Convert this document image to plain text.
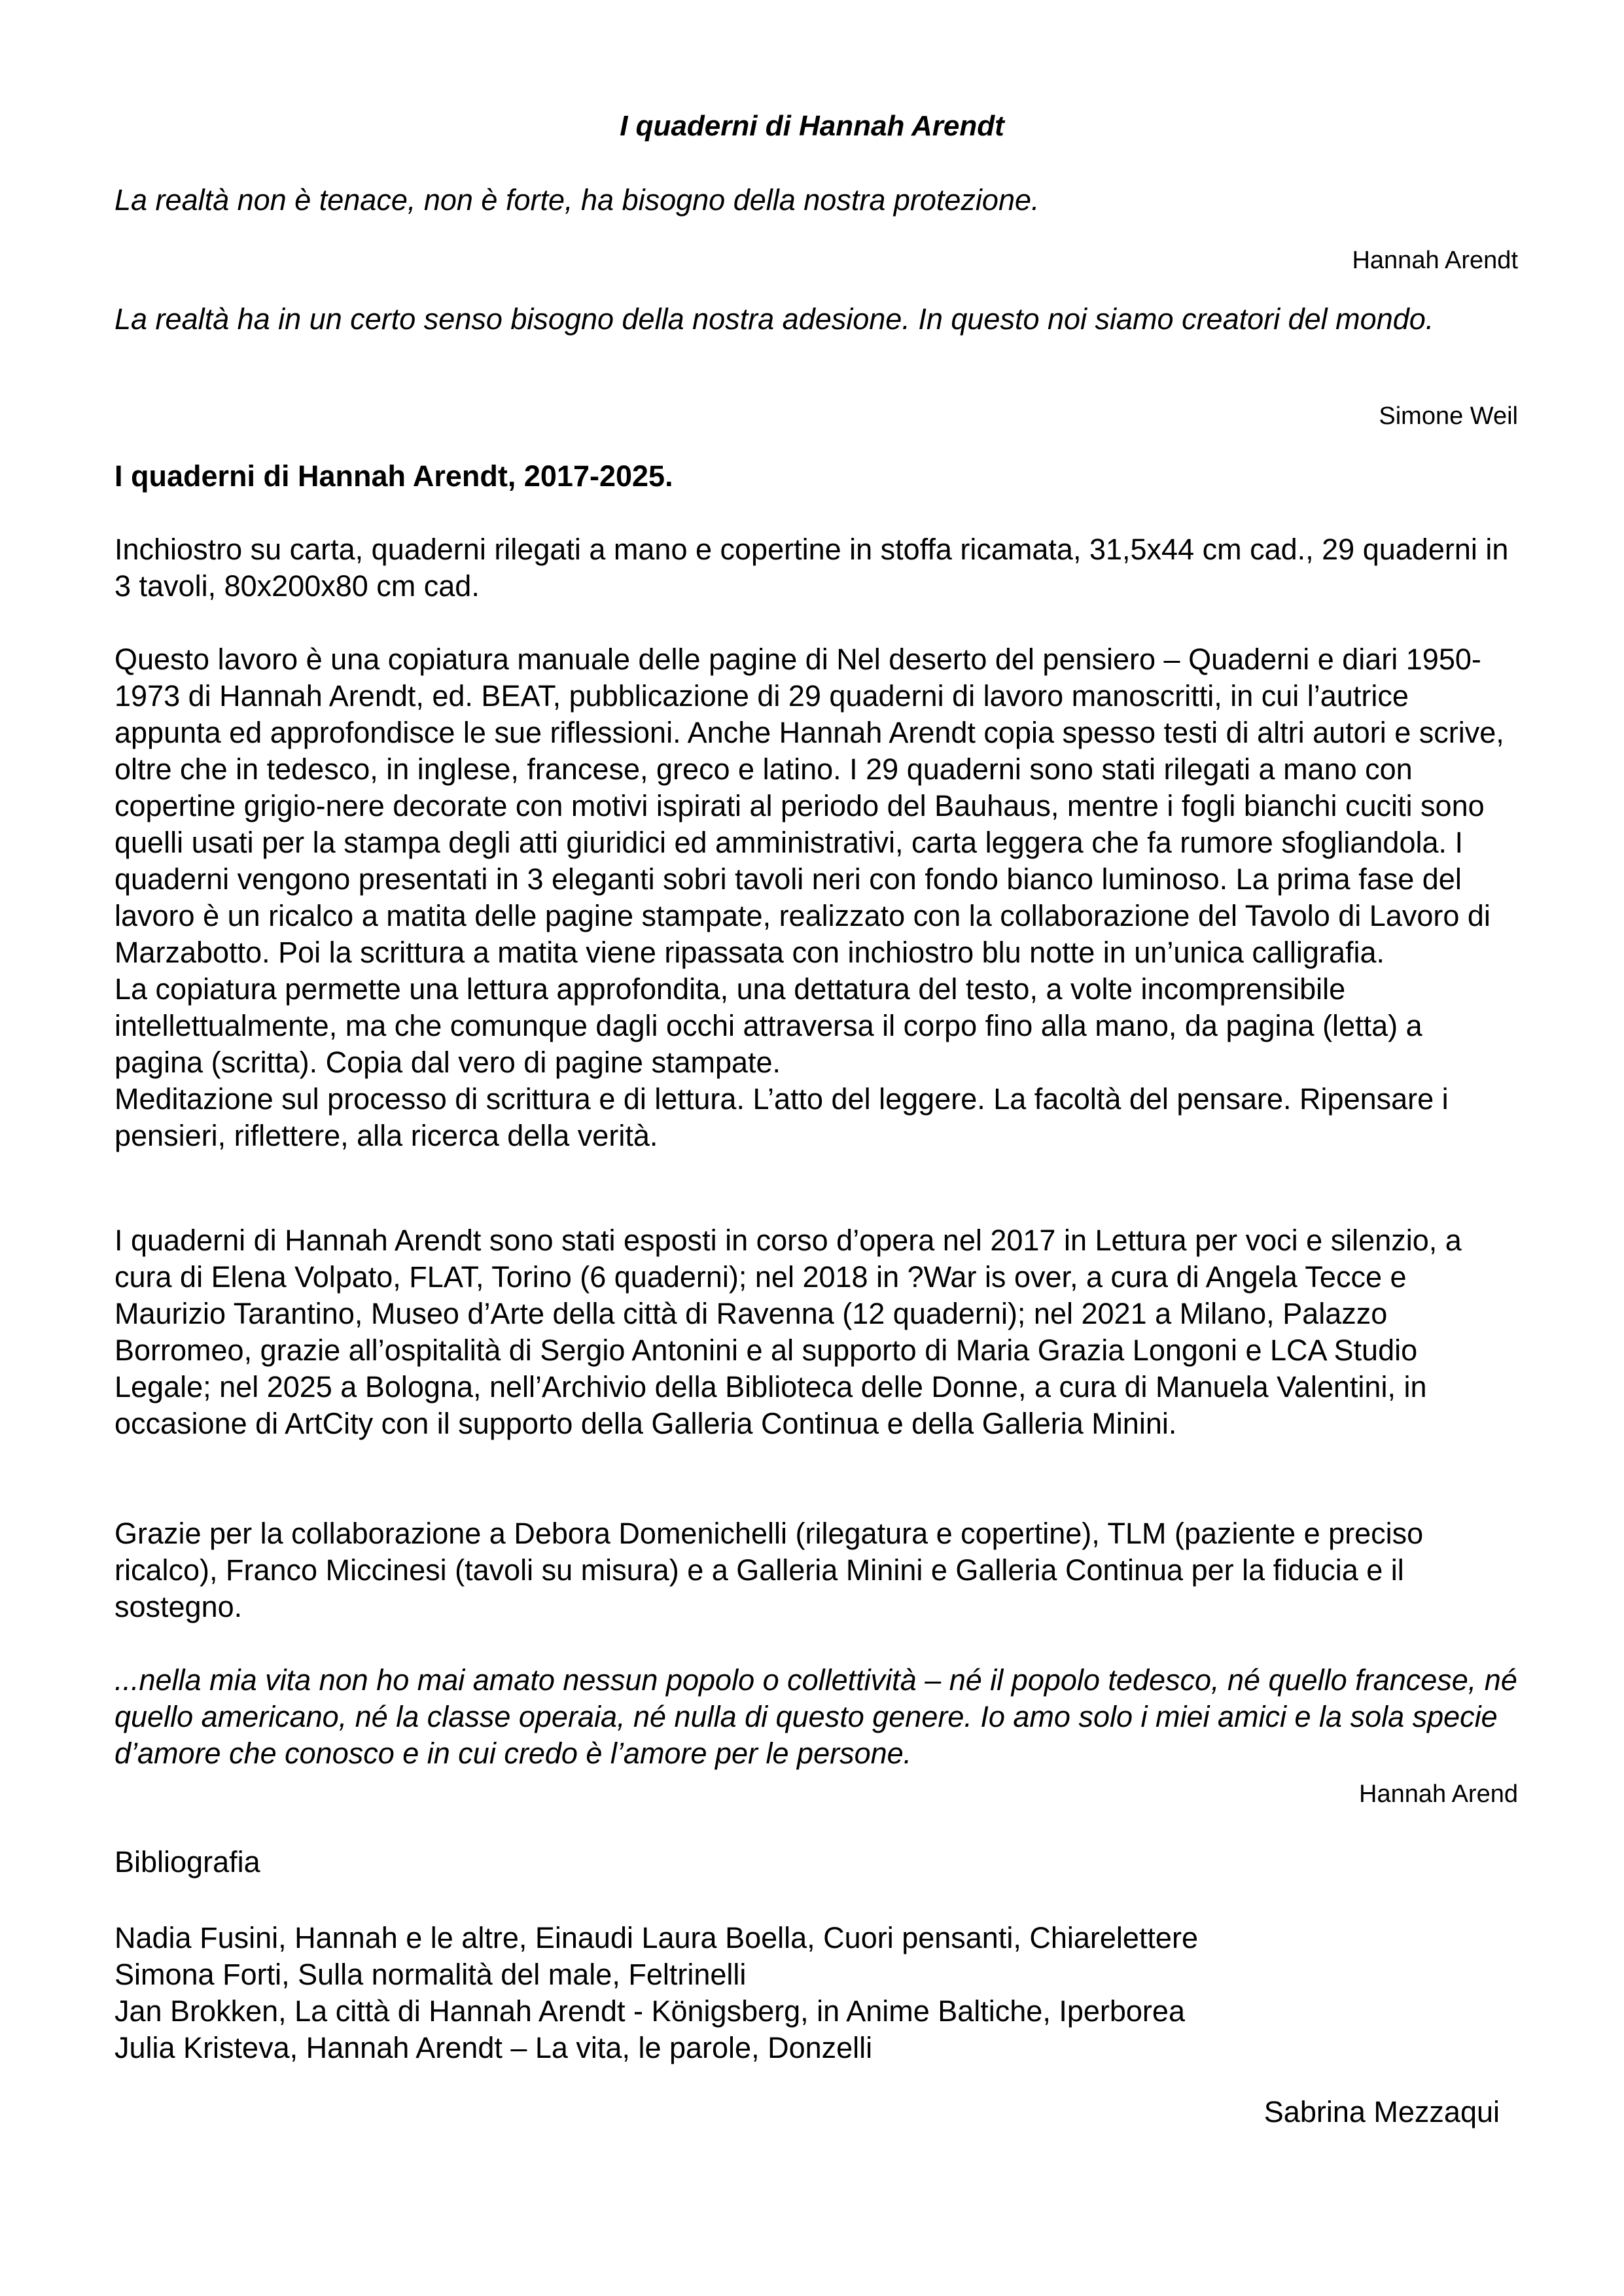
I quaderni di Hannah Arendt

La realtà non è tenace, non è forte, ha bisogno della nostra protezione.

Hannah Arendt

La realtà ha in un certo senso bisogno della nostra adesione. In questo noi siamo creatori del mondo.

Simone Weil

I quaderni di Hannah Arendt, 2017-2025.

Inchiostro su carta, quaderni rilegati a mano e copertine in stoffa ricamata, 31,5x44 cm cad., 29 quaderni in 3 tavoli, 80x200x80 cm cad.

Questo lavoro è una copiatura manuale delle pagine di Nel deserto del pensiero – Quaderni e diari 1950-1973 di Hannah Arendt, ed. BEAT, pubblicazione di 29 quaderni di lavoro manoscritti, in cui l’autrice appunta ed approfondisce le sue riflessioni. Anche Hannah Arendt copia spesso testi di altri autori e scrive, oltre che in tedesco, in inglese, francese, greco e latino. I 29 quaderni sono stati rilegati a mano con copertine grigio-nere decorate con motivi ispirati al periodo del Bauhaus, mentre i fogli bianchi cuciti sono quelli usati per la stampa degli atti giuridici ed amministrativi, carta leggera che fa rumore sfogliandola. I quaderni vengono presentati in 3 eleganti sobri tavoli neri con fondo bianco luminoso. La prima fase del lavoro è un ricalco a matita delle pagine stampate, realizzato con la collaborazione del Tavolo di Lavoro di Marzabotto. Poi la scrittura a matita viene ripassata con inchiostro blu notte in un’unica calligrafia.

La copiatura permette una lettura approfondita, una dettatura del testo, a volte incomprensibile intellettualmente, ma che comunque dagli occhi attraversa il corpo fino alla mano, da pagina (letta) a pagina (scritta). Copia dal vero di pagine stampate.

Meditazione sul processo di scrittura e di lettura. L’atto del leggere. La facoltà del pensare. Ripensare i pensieri, riflettere, alla ricerca della verità.

I quaderni di Hannah Arendt sono stati esposti in corso d’opera nel 2017 in Lettura per voci e silenzio, a cura di Elena Volpato, FLAT, Torino (6 quaderni); nel 2018 in ?War is over, a cura di Angela Tecce e Maurizio Tarantino, Museo d’Arte della città di Ravenna (12 quaderni); nel 2021 a Milano, Palazzo Borromeo, grazie all’ospitalità di Sergio Antonini e al supporto di Maria Grazia Longoni e LCA Studio Legale; nel 2025 a Bologna, nell’Archivio della Biblioteca delle Donne, a cura di Manuela Valentini, in occasione di ArtCity con il supporto della Galleria Continua e della Galleria Minini.

Grazie per la collaborazione a Debora Domenichelli (rilegatura e copertine), TLM (paziente e preciso ricalco), Franco Miccinesi (tavoli su misura) e a Galleria Minini e Galleria Continua per la fiducia e il sostegno.

...nella mia vita non ho mai amato nessun popolo o collettività – né il popolo tedesco, né quello francese, né quello americano, né la classe operaia, né nulla di questo genere. Io amo solo i miei amici e la sola specie d’amore che conosco e in cui credo è l’amore per le persone.

Hannah Arend

Bibliografia
Nadia Fusini, Hannah e le altre, Einaudi Laura Boella, Cuori pensanti, Chiarelettere
Simona Forti, Sulla normalità del male, Feltrinelli
Jan Brokken, La città di Hannah Arendt - Königsberg, in Anime Baltiche, Iperborea
Julia Kristeva, Hannah Arendt – La vita, le parole, Donzelli

Sabrina Mezzaqui
